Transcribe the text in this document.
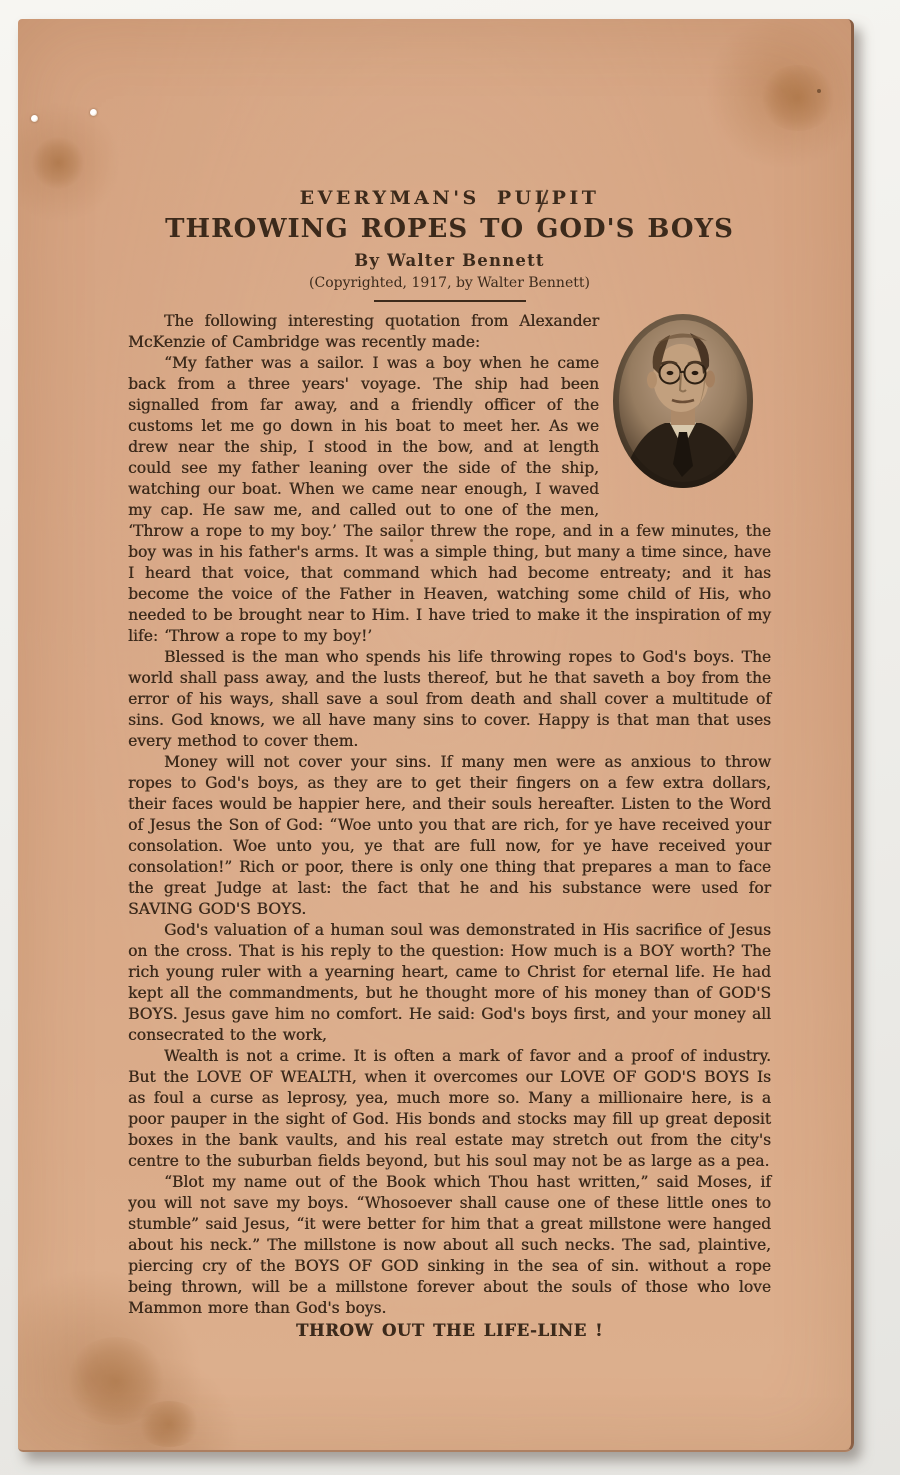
EVERYMAN'S PULPIT
THROWING ROPES TO GOD'S BOYS
By Walter Bennett
(Copyrighted, 1917, by Walter Bennett)

The following interesting quotation from Alexander McKenzie of Cambridge was recently made:

“My father was a sailor. I was a boy when he came back from a three years' voyage. The ship had been signalled from far away, and a friendly officer of the customs let me go down in his boat to meet her. As we drew near the ship, I stood in the bow, and at length could see my father leaning over the side of the ship, watching our boat. When we came near enough, I waved my cap. He saw me, and called out to one of the men, ‘Throw a rope to my boy.’ The sailor threw the rope, and in a few minutes, the boy was in his father's arms. It was a simple thing, but many a time since, have I heard that voice, that command which had become entreaty; and it has become the voice of the Father in Heaven, watching some child of His, who needed to be brought near to Him. I have tried to make it the inspiration of my life: ‘Throw a rope to my boy!’

Blessed is the man who spends his life throwing ropes to God's boys. The world shall pass away, and the lusts thereof, but he that saveth a boy from the error of his ways, shall save a soul from death and shall cover a multitude of sins. God knows, we all have many sins to cover. Happy is that man that uses every method to cover them.

Money will not cover your sins. If many men were as anxious to throw ropes to God's boys, as they are to get their fingers on a few extra dollars, their faces would be happier here, and their souls hereafter. Listen to the Word of Jesus the Son of God: “Woe unto you that are rich, for ye have received your consolation. Woe unto you, ye that are full now, for ye have received your consolation!” Rich or poor, there is only one thing that prepares a man to face the great Judge at last: the fact that he and his substance were used for SAVING GOD'S BOYS.

God's valuation of a human soul was demonstrated in His sacrifice of Jesus on the cross. That is his reply to the question: How much is a BOY worth? The rich young ruler with a yearning heart, came to Christ for eternal life. He had kept all the commandments, but he thought more of his money than of GOD'S BOYS. Jesus gave him no comfort. He said: God's boys first, and your money all consecrated to the work,

Wealth is not a crime. It is often a mark of favor and a proof of industry. But the LOVE OF WEALTH, when it overcomes our LOVE OF GOD'S BOYS Is as foul a curse as leprosy, yea, much more so. Many a millionaire here, is a poor pauper in the sight of God. His bonds and stocks may fill up great deposit boxes in the bank vaults, and his real estate may stretch out from the city's centre to the suburban fields beyond, but his soul may not be as large as a pea.

“Blot my name out of the Book which Thou hast written,” said Moses, if you will not save my boys. “Whosoever shall cause one of these little ones to stumble” said Jesus, “it were better for him that a great millstone were hanged about his neck.” The millstone is now about all such necks. The sad, plaintive, piercing cry of the BOYS OF GOD sinking in the sea of sin. without a rope being thrown, will be a millstone forever about the souls of those who love Mammon more than God's boys.

THROW OUT THE LIFE-LINE !
